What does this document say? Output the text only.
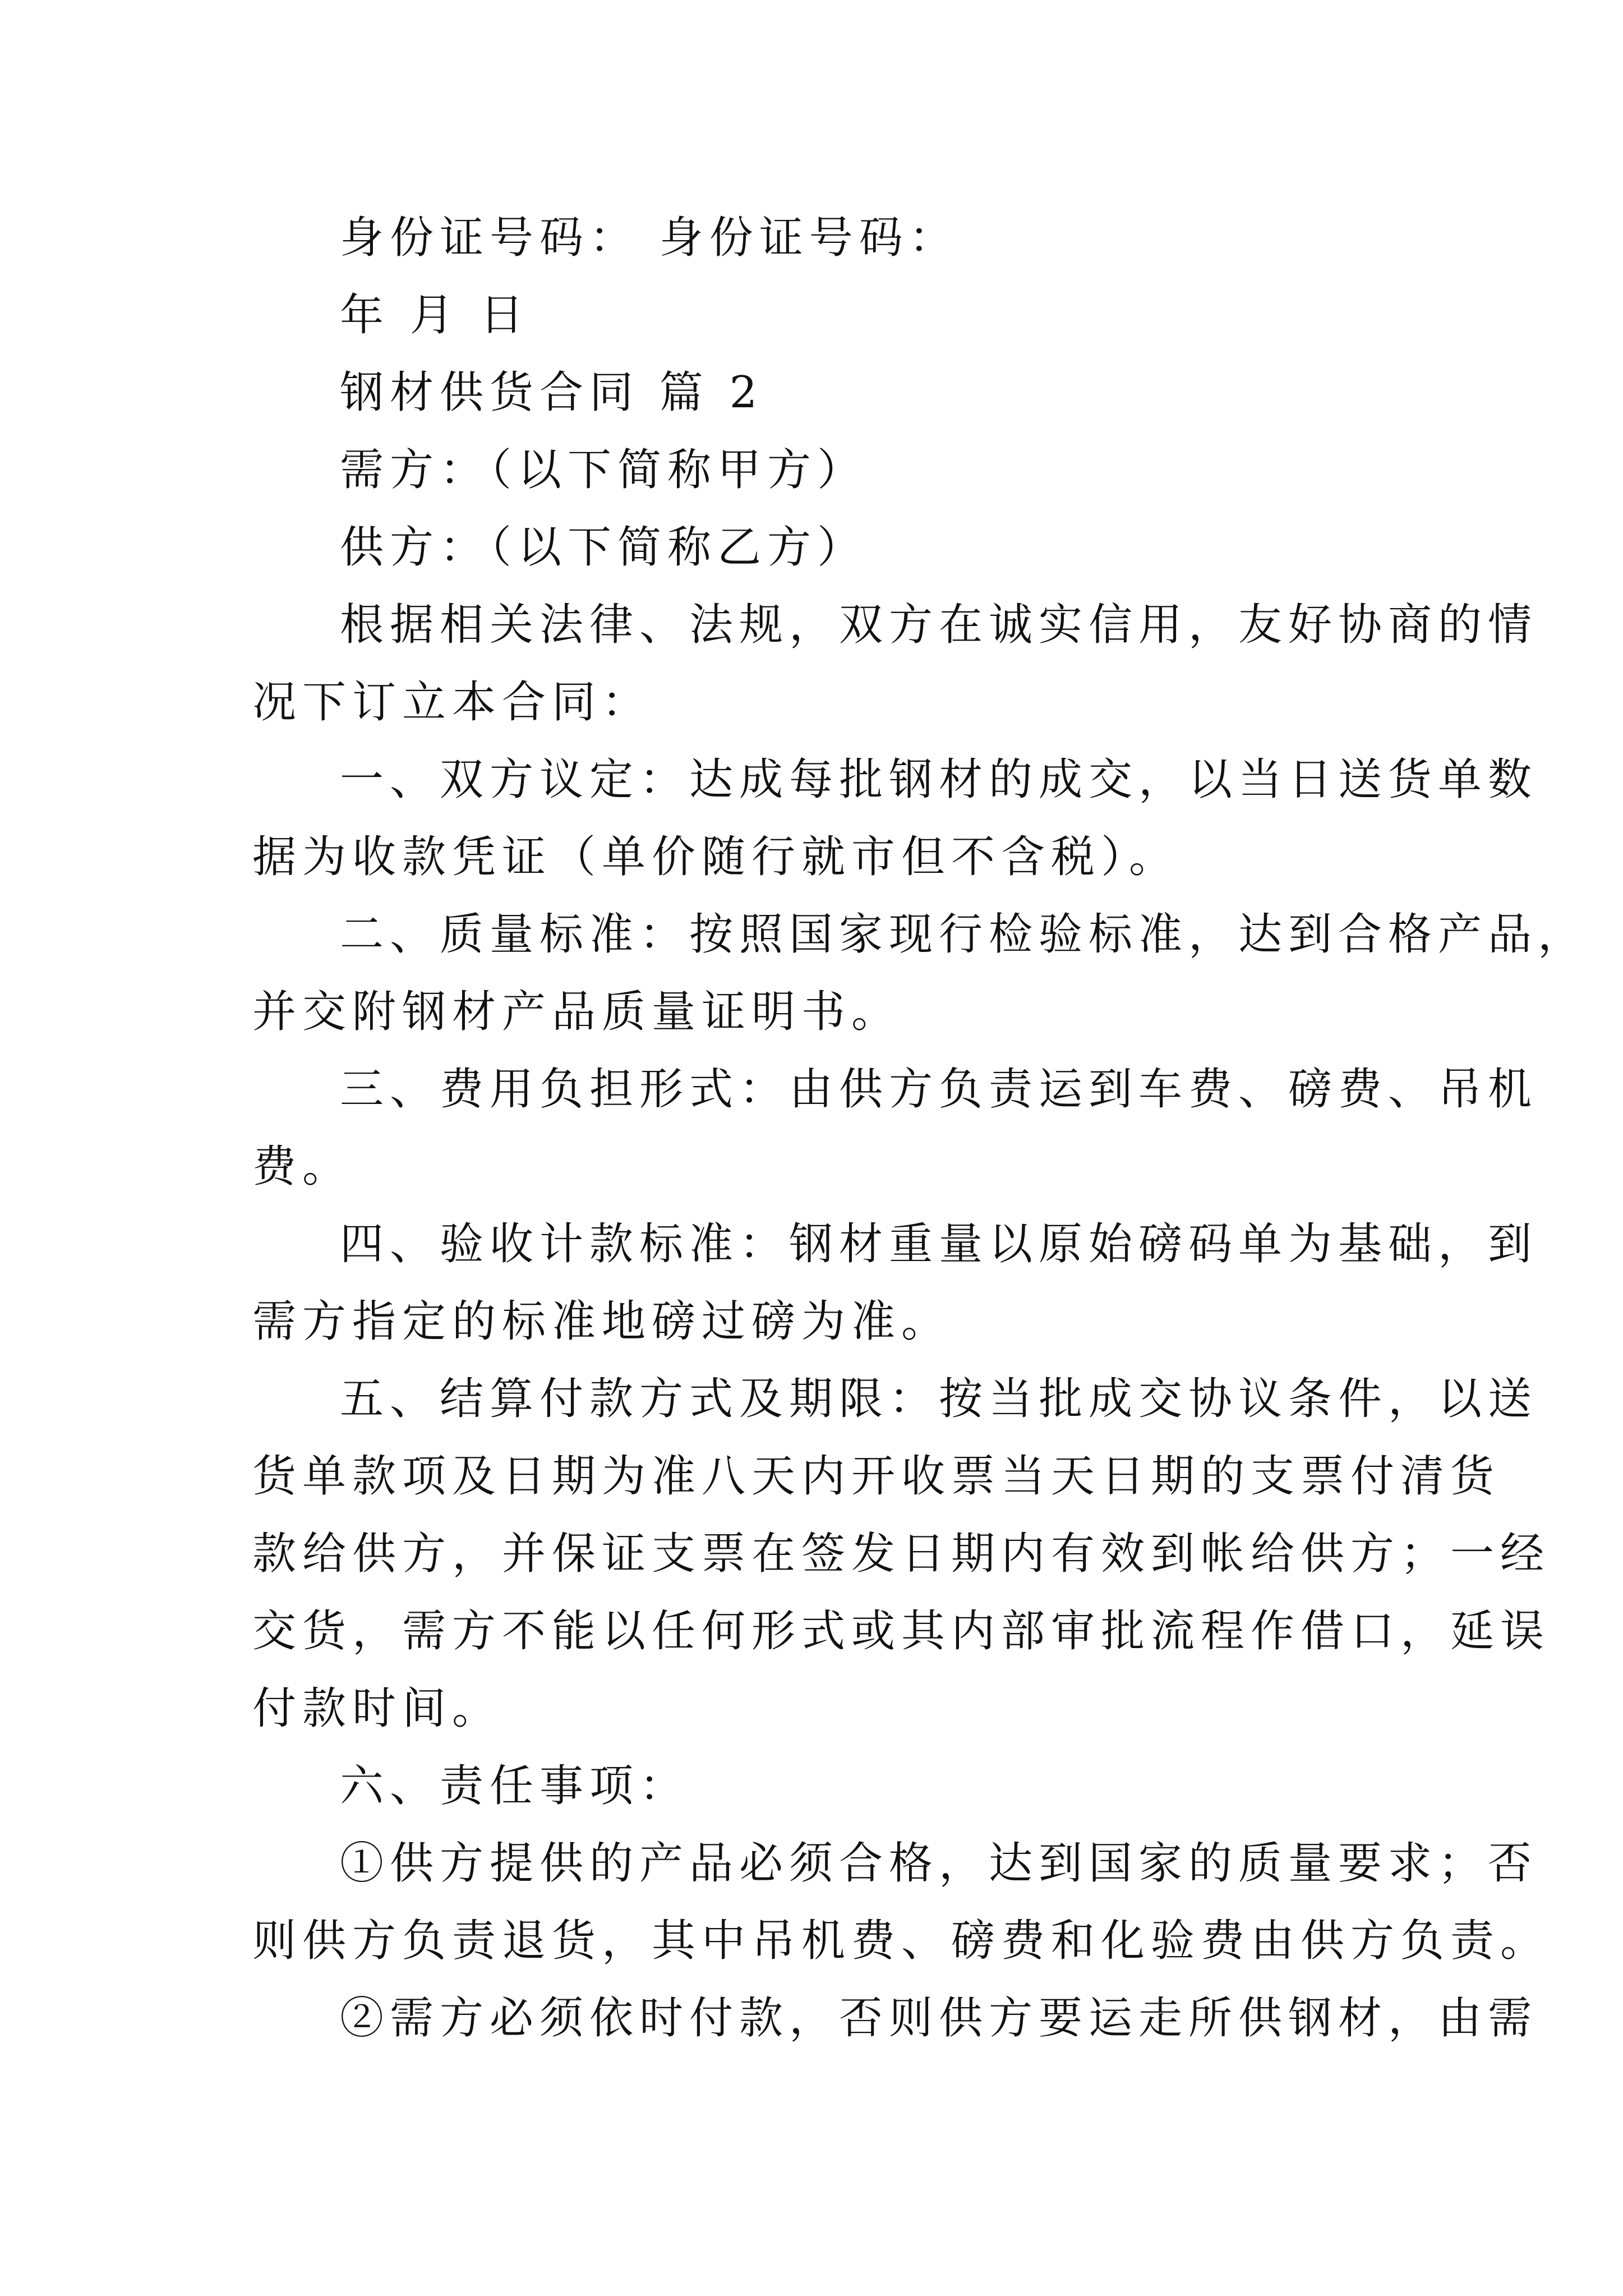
身份证号码： 身份证号码：
年 月 日
钢材供货合同 篇 2
需方：（以下简称甲方）
供方：（以下简称乙方）
根据相关法律、法规，双方在诚实信用，友好协商的情
况下订立本合同：
一、双方议定：达成每批钢材的成交，以当日送货单数
据为收款凭证（单价随行就市但不含税）。
二、质量标准：按照国家现行检验标准，达到合格产品，
并交附钢材产品质量证明书。
三、费用负担形式：由供方负责运到车费、磅费、吊机
费。
四、验收计款标准：钢材重量以原始磅码单为基础，到
需方指定的标准地磅过磅为准。
五、结算付款方式及期限：按当批成交协议条件，以送
货单款项及日期为准八天内开收票当天日期的支票付清货
款给供方，并保证支票在签发日期内有效到帐给供方；一经
交货，需方不能以任何形式或其内部审批流程作借口，延误
付款时间。
六、责任事项：
①供方提供的产品必须合格，达到国家的质量要求；否
则供方负责退货，其中吊机费、磅费和化验费由供方负责。
②需方必须依时付款，否则供方要运走所供钢材，由需
